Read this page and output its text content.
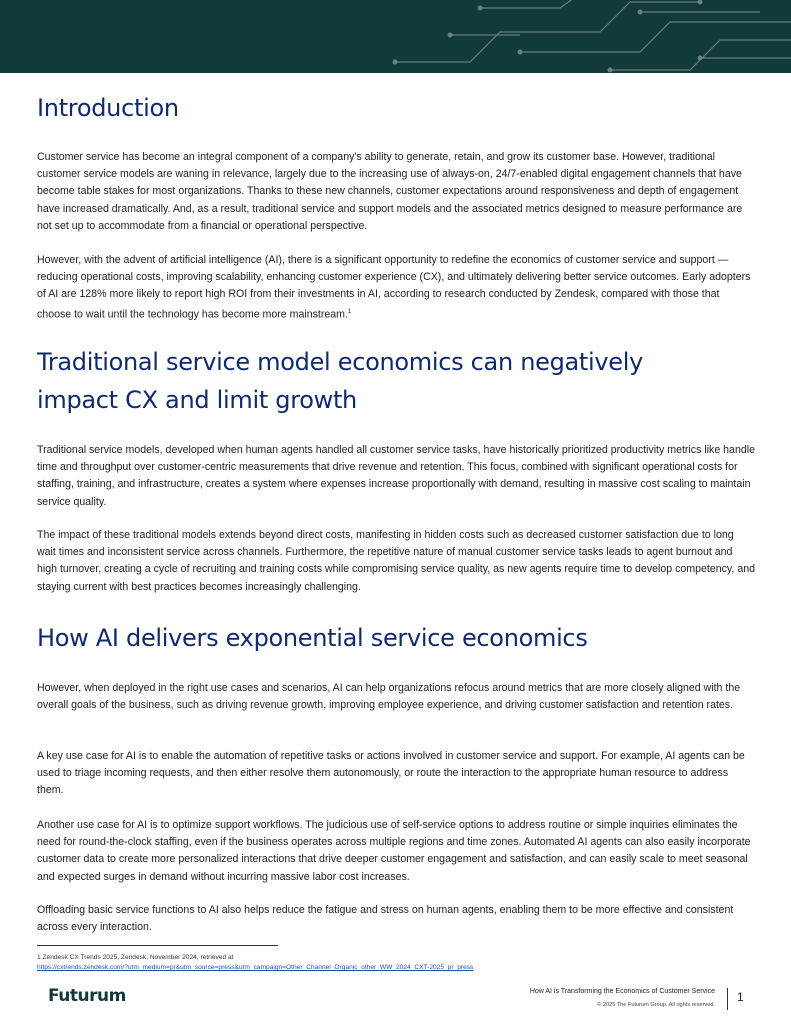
Introduction

Customer service has become an integral component of a company's ability to generate, retain, and grow its customer base. However, traditional customer service models are waning in relevance, largely due to the increasing use of always-on, 24/7-enabled digital engagement channels that have become table stakes for most organizations. Thanks to these new channels, customer expectations around responsiveness and depth of engagement have increased dramatically. And, as a result, traditional service and support models and the associated metrics designed to measure performance are not set up to accommodate from a financial or operational perspective.

However, with the advent of artificial intelligence (AI), there is a significant opportunity to redefine the economics of customer service and support — reducing operational costs, improving scalability, enhancing customer experience (CX), and ultimately delivering better service outcomes. Early adopters of AI are 128% more likely to report high ROI from their investments in AI, according to research conducted by Zendesk, compared with those that choose to wait until the technology has become more mainstream.$^1$

Traditional service model economics can negatively
impact CX and limit growth

Traditional service models, developed when human agents handled all customer service tasks, have historically prioritized productivity metrics like handle time and throughput over customer-centric measurements that drive revenue and retention. This focus, combined with significant operational costs for staffing, training, and infrastructure, creates a system where expenses increase proportionally with demand, resulting in massive cost scaling to maintain service quality.

The impact of these traditional models extends beyond direct costs, manifesting in hidden costs such as decreased customer satisfaction due to long wait times and inconsistent service across channels. Furthermore, the repetitive nature of manual customer service tasks leads to agent burnout and high turnover, creating a cycle of recruiting and training costs while compromising service quality, as new agents require time to develop competency, and staying current with best practices becomes increasingly challenging.

How AI delivers exponential service economics

However, when deployed in the right use cases and scenarios, AI can help organizations refocus around metrics that are more closely aligned with the overall goals of the business, such as driving revenue growth, improving employee experience, and driving customer satisfaction and retention rates.

A key use case for AI is to enable the automation of repetitive tasks or actions involved in customer service and support. For example, AI agents can be used to triage incoming requests, and then either resolve them autonomously, or route the interaction to the appropriate human resource to address them.

Another use case for AI is to optimize support workflows. The judicious use of self-service options to address routine or simple inquiries eliminates the need for round-the-clock staffing, even if the business operates across multiple regions and time zones. Automated AI agents can also easily incorporate customer data to create more personalized interactions that drive deeper customer engagement and satisfaction, and can easily scale to meet seasonal and expected surges in demand without incurring massive labor cost increases.

Offloading basic service functions to AI also helps reduce the fatigue and stress on human agents, enabling them to be more effective and consistent across every interaction.

1 Zendesk CX Trends 2025, Zendesk, November 2024, retrieved at
https://cxtrends.zendesk.com/?utm_medium=pr&utm_source=press&utm_campaign=Other_Channel_Organic_other_WW_2024_CXT-2025_pr_press
Futurum	How AI is Transforming the Economics of Customer Service
© 2025 The Futurum Group. All rights reserved.
1
